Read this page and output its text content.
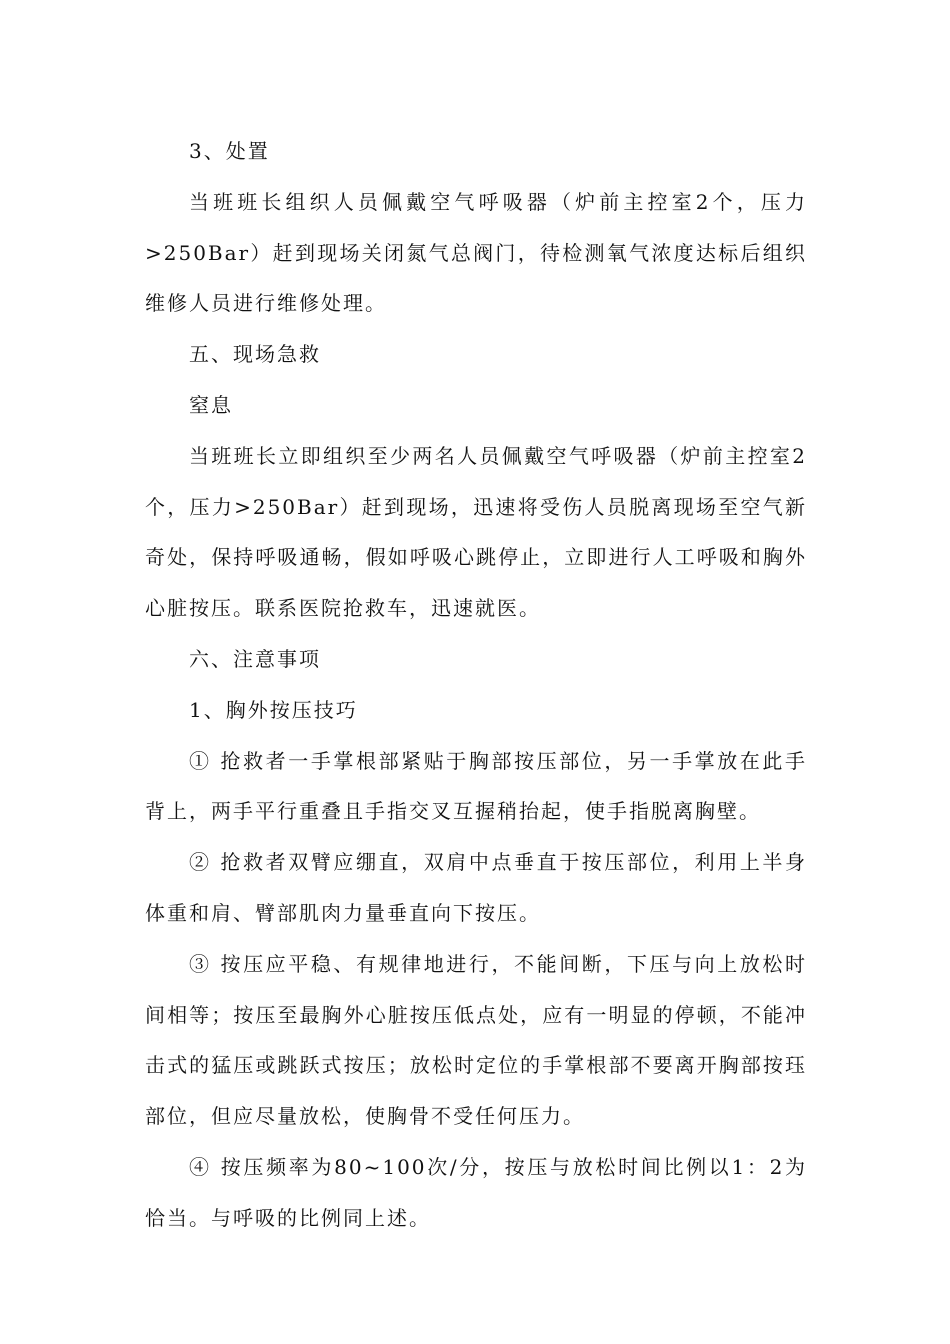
3、处置

当班班长组织人员佩戴空气呼吸器（炉前主控室2个，压力>250Bar）赶到现场关闭氮气总阀门，待检测氧气浓度达标后组织维修人员进行维修处理。

五、现场急救

窒息

当班班长立即组织至少两名人员佩戴空气呼吸器（炉前主控室2个，压力>250Bar）赶到现场，迅速将受伤人员脱离现场至空气新奇处，保持呼吸通畅，假如呼吸心跳停止，立即进行人工呼吸和胸外心脏按压。联系医院抢救车，迅速就医。

六、注意事项

1、胸外按压技巧

① 抢救者一手掌根部紧贴于胸部按压部位，另一手掌放在此手背上，两手平行重叠且手指交叉互握稍抬起，使手指脱离胸壁。

② 抢救者双臂应绷直，双肩中点垂直于按压部位，利用上半身体重和肩、臂部肌肉力量垂直向下按压。

③ 按压应平稳、有规律地进行，不能间断，下压与向上放松时间相等；按压至最胸外心脏按压低点处，应有一明显的停顿，不能冲击式的猛压或跳跃式按压；放松时定位的手掌根部不要离开胸部按珏部位，但应尽量放松，使胸骨不受任何压力。

④ 按压频率为80~100次/分，按压与放松时间比例以1：2为恰当。与呼吸的比例同上述。
